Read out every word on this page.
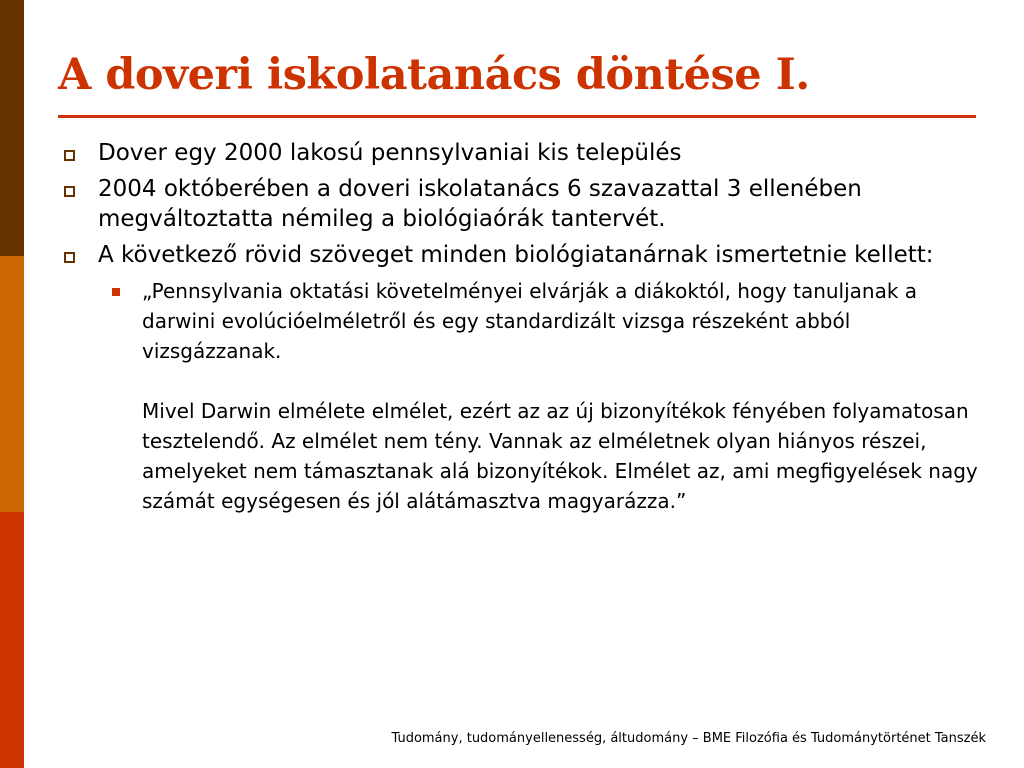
A doveri iskolatanács döntése I.
Dover egy 2000 lakosú pennsylvaniai kis település
2004 októberében a doveri iskolatanács 6 szavazattal 3 ellenében megváltoztatta némileg a biológiaórák tantervét.
A következő rövid szöveget minden biológiatanárnak ismertetnie kellett:
„Pennsylvania oktatási követelményei elvárják a diákoktól, hogy tanuljanak a darwini evolúcióelméletről és egy standardizált vizsga részeként abból vizsgázzanak.
Mivel Darwin elmélete elmélet, ezért az az új bizonyítékok fényében folyamatosan tesztelendő. Az elmélet nem tény. Vannak az elméletnek olyan hiányos részei, amelyeket nem támasztanak alá bizonyítékok. Elmélet az, ami megfigyelések nagy számát egységesen és jól alátámasztva magyarázza.”
Tudomány, tudományellenesség, áltudomány – BME Filozófia és Tudománytörténet Tanszék
